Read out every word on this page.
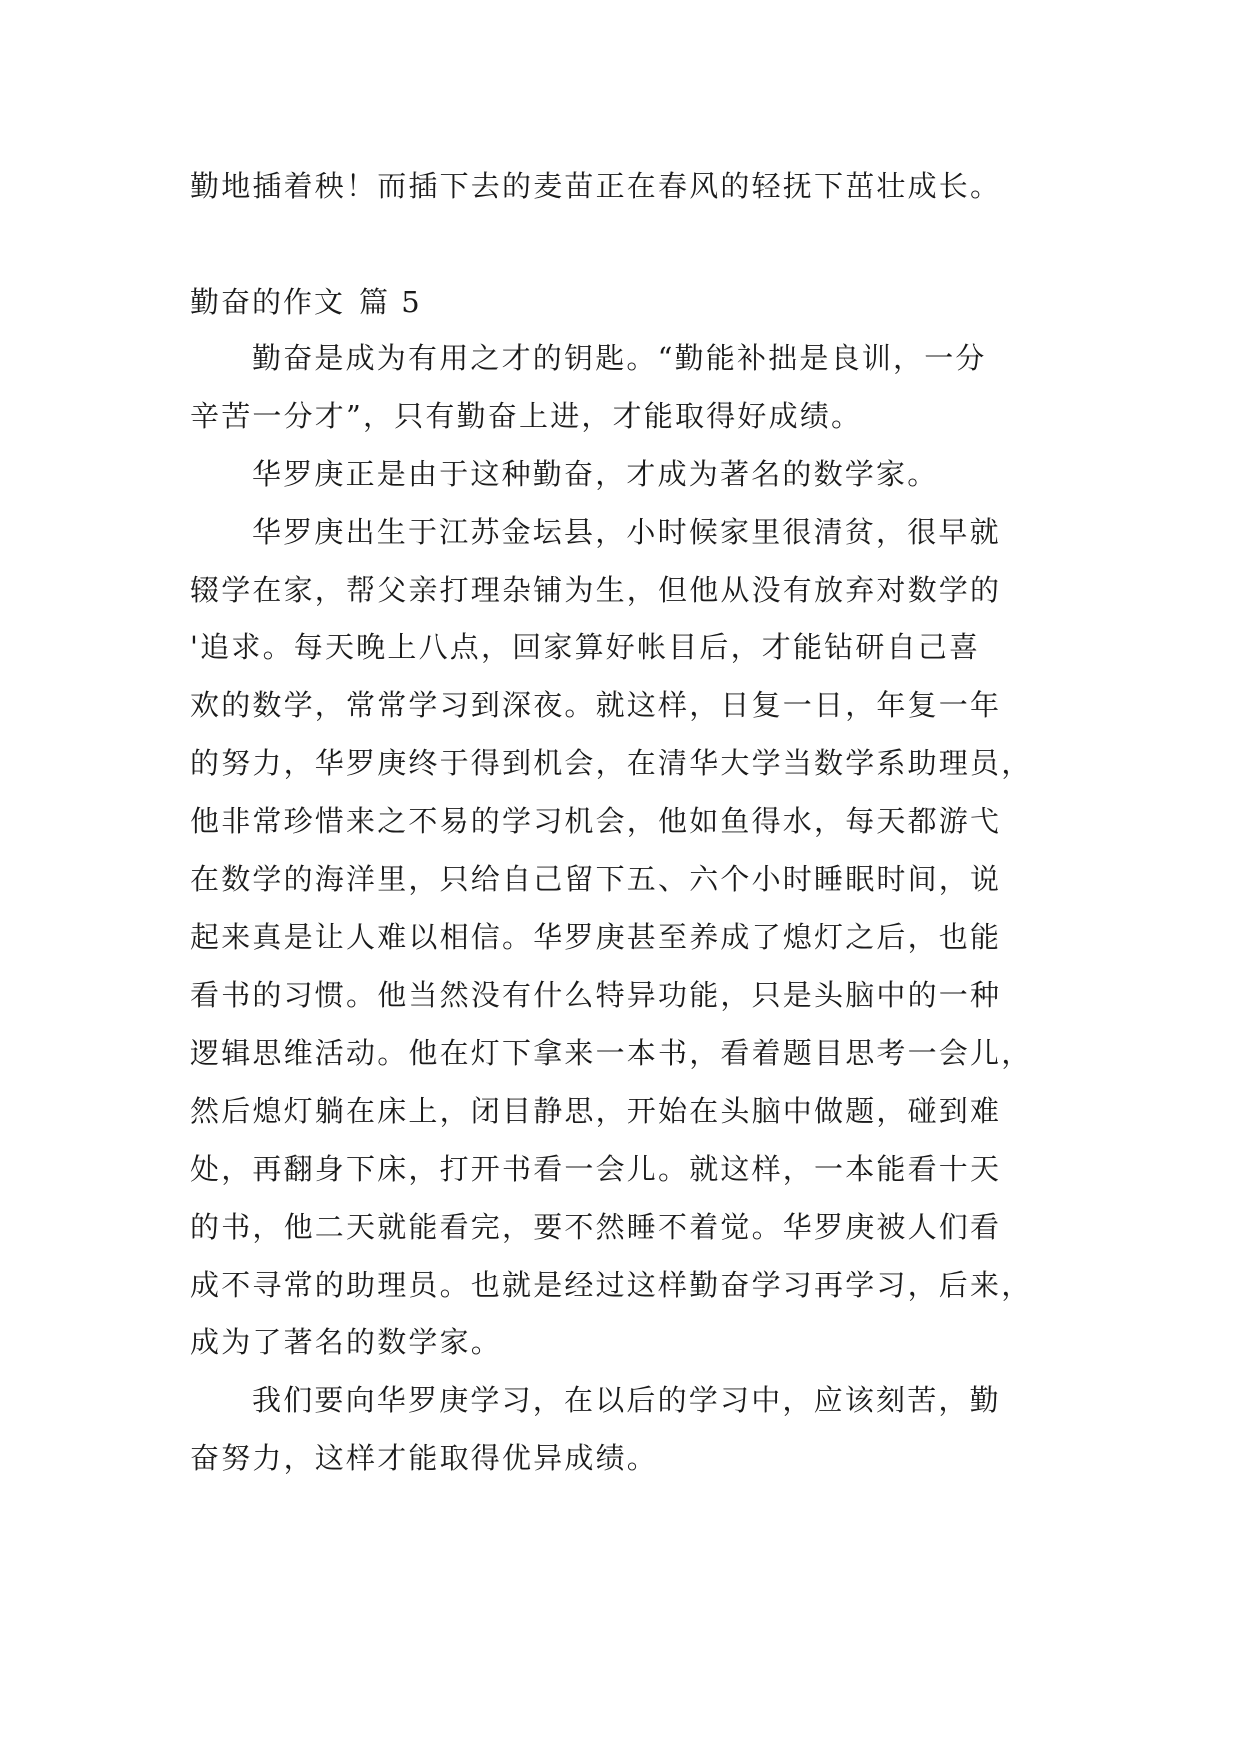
勤地插着秧！而插下去的麦苗正在春风的轻抚下茁壮成长。
勤奋的作文 篇 5
勤奋是成为有用之才的钥匙。“勤能补拙是良训，一分
辛苦一分才”，只有勤奋上进，才能取得好成绩。
华罗庚正是由于这种勤奋，才成为著名的数学家。
华罗庚出生于江苏金坛县，小时候家里很清贫，很早就
辍学在家，帮父亲打理杂铺为生，但他从没有放弃对数学的
'追求。每天晚上八点，回家算好帐目后，才能钻研自己喜
欢的数学，常常学习到深夜。就这样，日复一日，年复一年
的努力，华罗庚终于得到机会，在清华大学当数学系助理员，
他非常珍惜来之不易的学习机会，他如鱼得水，每天都游弋
在数学的海洋里，只给自己留下五、六个小时睡眠时间，说
起来真是让人难以相信。华罗庚甚至养成了熄灯之后，也能
看书的习惯。他当然没有什么特异功能，只是头脑中的一种
逻辑思维活动。他在灯下拿来一本书，看着题目思考一会儿，
然后熄灯躺在床上，闭目静思，开始在头脑中做题，碰到难
处，再翻身下床，打开书看一会儿。就这样，一本能看十天
的书，他二天就能看完，要不然睡不着觉。华罗庚被人们看
成不寻常的助理员。也就是经过这样勤奋学习再学习，后来，
成为了著名的数学家。
我们要向华罗庚学习，在以后的学习中，应该刻苦，勤
奋努力，这样才能取得优异成绩。
